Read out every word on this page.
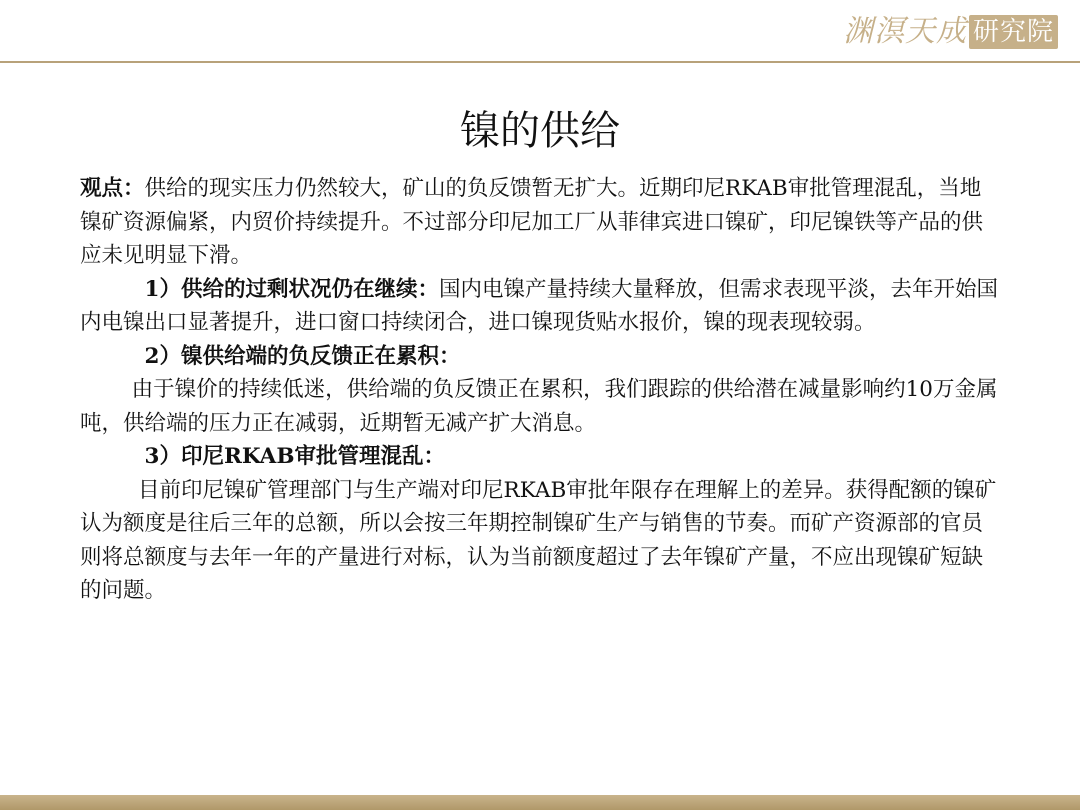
渊溟天成 研究院
镍的供给

观点：供给的现实压力仍然较大，矿山的负反馈暂无扩大。近期印尼RKAB审批管理混乱，当地镍矿资源偏紧，内贸价持续提升。不过部分印尼加工厂从菲律宾进口镍矿，印尼镍铁等产品的供应未见明显下滑。

1）供给的过剩状况仍在继续：国内电镍产量持续大量释放，但需求表现平淡，去年开始国内电镍出口显著提升，进口窗口持续闭合，进口镍现货贴水报价，镍的现表现较弱。

2）镍供给端的负反馈正在累积：

由于镍价的持续低迷，供给端的负反馈正在累积，我们跟踪的供给潜在减量影响约10万金属吨，供给端的压力正在减弱，近期暂无减产扩大消息。

3）印尼RKAB审批管理混乱：

目前印尼镍矿管理部门与生产端对印尼RKAB审批年限存在理解上的差异。获得配额的镍矿认为额度是往后三年的总额，所以会按三年期控制镍矿生产与销售的节奏。而矿产资源部的官员则将总额度与去年一年的产量进行对标，认为当前额度超过了去年镍矿产量，不应出现镍矿短缺的问题。
